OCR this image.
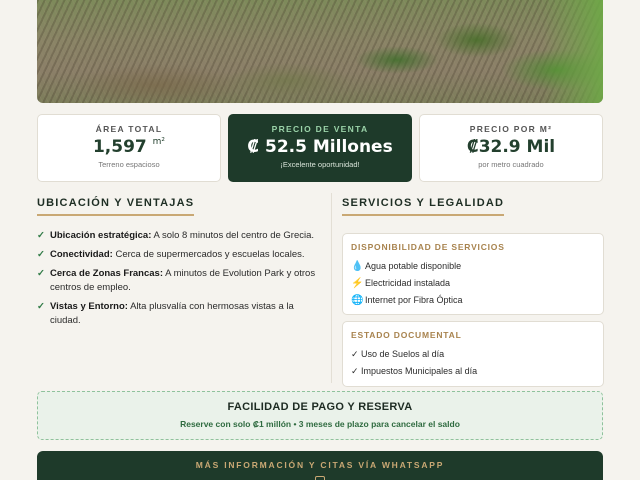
ÁREA TOTAL
1,597 $^{m^2}$
Terreno espacioso
PRECIO DE VENTA
₡ 52.5 Millones
¡Excelente oportunidad!
PRECIO POR M²
₡32.9 Mil
por metro cuadrado
UBICACIÓN Y VENTAJAS
✓ Ubicación estratégica: A solo 8 minutos del centro de Grecia.
✓ Conectividad: Cerca de supermercados y escuelas locales.
✓ Cerca de Zonas Francas: A minutos de Evolution Park y otros centros de empleo.
✓ Vistas y Entorno: Alta plusvalía con hermosas vistas a la ciudad.
SERVICIOS Y LEGALIDAD
DISPONIBILIDAD DE SERVICIOS
💧 Agua potable disponible
⚡ Electricidad instalada
🌐 Internet por Fibra Óptica
ESTADO DOCUMENTAL
✓ Uso de Suelos al día
✓ Impuestos Municipales al día
FACILIDAD DE PAGO Y RESERVA
Reserve con solo ₡1 millón • 3 meses de plazo para cancelar el saldo
MÁS INFORMACIÓN Y CITAS VÍA WHATSAPP
